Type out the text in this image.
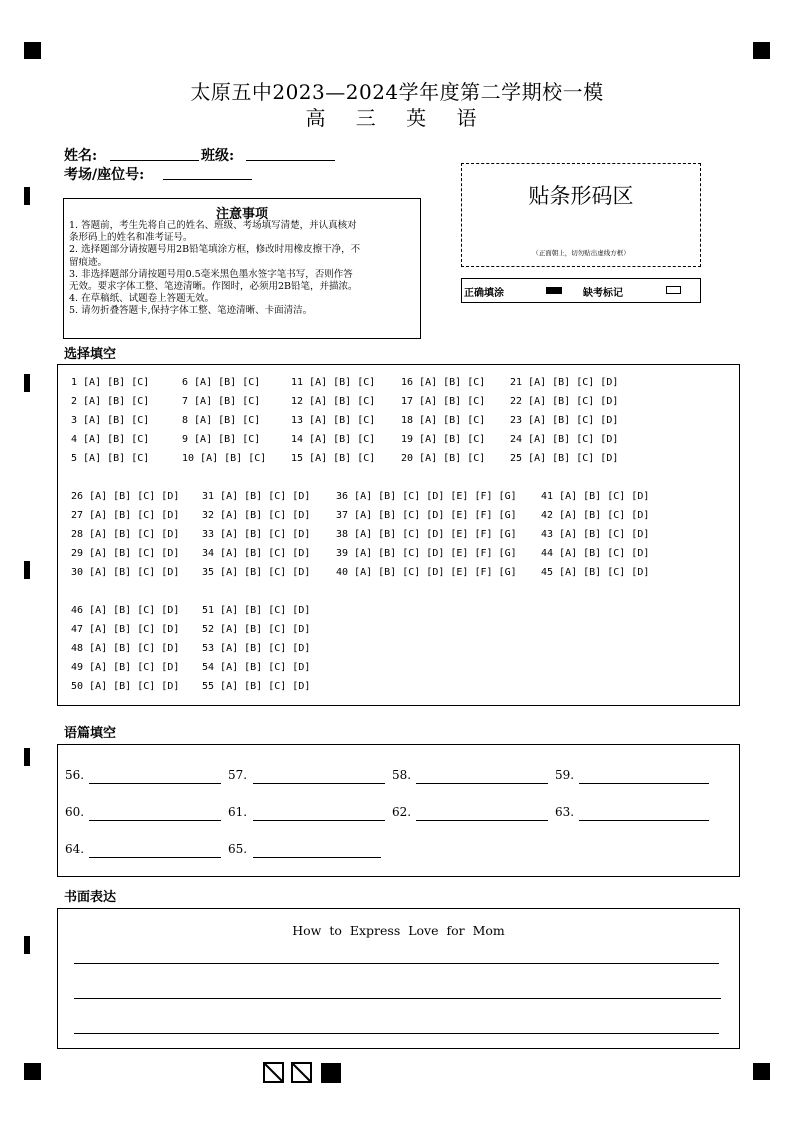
太原五中2023—2024学年度第二学期校一模
高 三 英 语
姓名:	班级:
考场/座位号:
注意事项
1. 答题前，考生先将自己的姓名、班级、考场填写清楚，并认真核对
条形码上的姓名和准考证号。
2. 选择题部分请按题号用2B铅笔填涂方框，修改时用橡皮擦干净，不
留痕迹。
3. 非选择题部分请按题号用0.5毫米黑色墨水签字笔书写，否则作答
无效。要求字体工整、笔迹清晰。作图时，必须用2B铅笔，并描浓。
4. 在草稿纸、试题卷上答题无效。
5. 请勿折叠答题卡,保持字体工整、笔迹清晰、卡面清洁。
贴条形码区
（正面朝上，切勿贴出虚线方框）
正确填涂	缺考标记
选择填空
1 [A] [B] [C]	6 [A] [B] [C]	11 [A] [B] [C]	16 [A] [B] [C] 21 [A] [B] [C] [D]
2 [A] [B] [C]	7 [A] [B] [C]	12 [A] [B] [C]	17 [A] [B] [C] 22 [A] [B] [C] [D]
3 [A] [B] [C]	8 [A] [B] [C]	13 [A] [B] [C]	18 [A] [B] [C] 23 [A] [B] [C] [D]
4 [A] [B] [C]	9 [A] [B] [C]	14 [A] [B] [C]	19 [A] [B] [C] 24 [A] [B] [C] [D]
5 [A] [B] [C]	10 [A] [B] [C] 15 [A] [B] [C]	20 [A] [B] [C] 25 [A] [B] [C] [D]
26 [A] [B] [C] [D] 31 [A] [B] [C] [D]	36 [A] [B] [C] [D] [E] [F] [G] 41 [A] [B] [C] [D]
27 [A] [B] [C] [D] 32 [A] [B] [C] [D]	37 [A] [B] [C] [D] [E] [F] [G] 42 [A] [B] [C] [D]
28 [A] [B] [C] [D] 33 [A] [B] [C] [D]	38 [A] [B] [C] [D] [E] [F] [G] 43 [A] [B] [C] [D]
29 [A] [B] [C] [D] 34 [A] [B] [C] [D]	39 [A] [B] [C] [D] [E] [F] [G] 44 [A] [B] [C] [D]
30 [A] [B] [C] [D] 35 [A] [B] [C] [D]	40 [A] [B] [C] [D] [E] [F] [G] 45 [A] [B] [C] [D]
46 [A] [B] [C] [D] 51 [A] [B] [C] [D]
47 [A] [B] [C] [D] 52 [A] [B] [C] [D]
48 [A] [B] [C] [D] 53 [A] [B] [C] [D]
49 [A] [B] [C] [D] 54 [A] [B] [C] [D]
50 [A] [B] [C] [D] 55 [A] [B] [C] [D]
语篇填空
56.	57.	58.	59.
60.	61.	62.	63.
64.	65.
书面表达
How to Express Love for Mom
